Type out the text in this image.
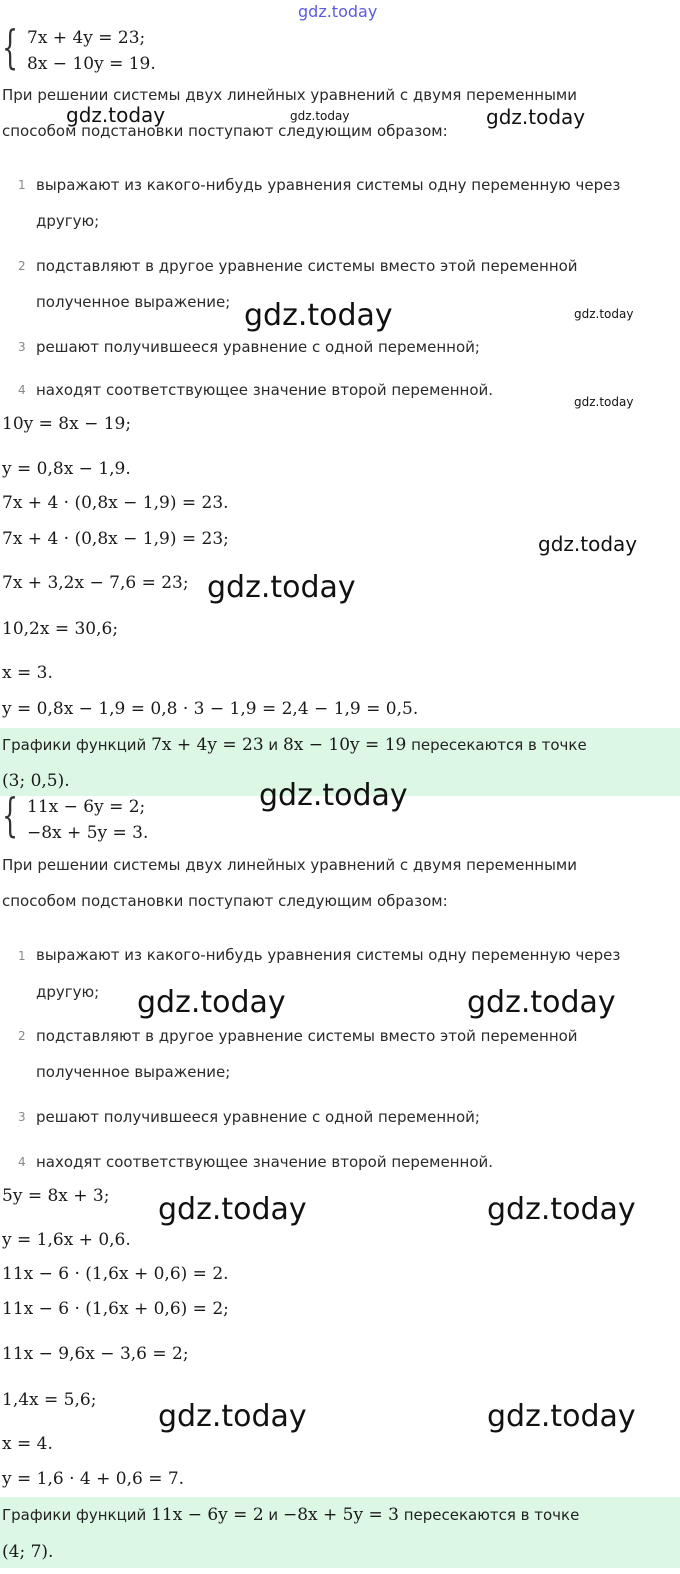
gdz.today
{ 7x + 4y = 23;
8x − 10y = 19.
При решении системы двух линейных уравнений с двумя переменными
способом подстановки поступают следующим образом:
1 выражают из какого-нибудь уравнения системы одну переменную через
другую;
2 подставляют в другое уравнение системы вместо этой переменной
полученное выражение;
3 решают получившееся уравнение с одной переменной;
4 находят соответствующее значение второй переменной.
10y = 8x − 19;
y = 0,8x − 1,9.
7x + 4 · (0,8x − 1,9) = 23.
7x + 4 · (0,8x − 1,9) = 23;
7x + 3,2x − 7,6 = 23;
10,2x = 30,6;
x = 3.
y = 0,8x − 1,9 = 0,8 · 3 − 1,9 = 2,4 − 1,9 = 0,5.
Графики функций 7x + 4y = 23 и 8x − 10y = 19 пересекаются в точке
(3; 0,5).
{ 11x − 6y = 2;
−8x + 5y = 3.
При решении системы двух линейных уравнений с двумя переменными
способом подстановки поступают следующим образом:
1 выражают из какого-нибудь уравнения системы одну переменную через
другую;
2 подставляют в другое уравнение системы вместо этой переменной
полученное выражение;
3 решают получившееся уравнение с одной переменной;
4 находят соответствующее значение второй переменной.
5y = 8x + 3;
y = 1,6x + 0,6.
11x − 6 · (1,6x + 0,6) = 2.
11x − 6 · (1,6x + 0,6) = 2;
11x − 9,6x − 3,6 = 2;
1,4x = 5,6;
x = 4.
y = 1,6 · 4 + 0,6 = 7.
Графики функций 11x − 6y = 2 и −8x + 5y = 3 пересекаются в точке
(4; 7).
gdz.today	gdz.today	gdz.today
gdz.today	gdz.today
gdz.today
gdz.today
gdz.today
gdz.today
gdz.today	gdz.today
gdz.today	gdz.today
gdz.today	gdz.today
